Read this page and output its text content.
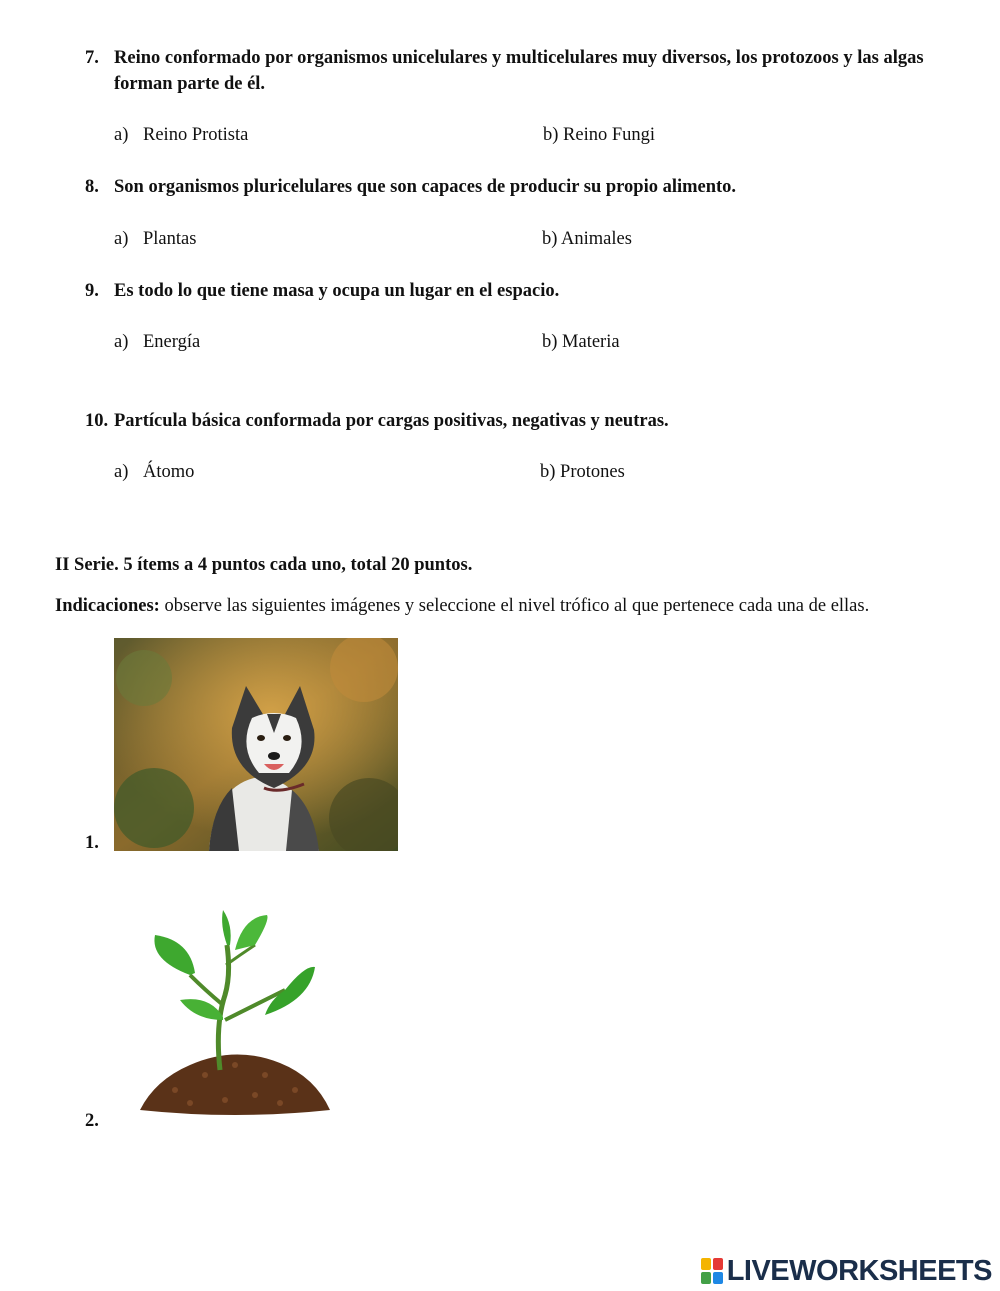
7. Reino conformado por organismos unicelulares y multicelulares muy diversos, los protozoos y las algas forman parte de él.
a) Reino Protista	b) Reino Fungi
8. Son organismos pluricelulares que son capaces de producir su propio alimento.
a) Plantas	b) Animales
9. Es todo lo que tiene masa y ocupa un lugar en el espacio.
a) Energía	b) Materia
10. Partícula básica conformada por cargas positivas, negativas y neutras.
a) Átomo	b) Protones
II Serie. 5 ítems a 4 puntos cada uno, total 20 puntos.
Indicaciones: observe las siguientes imágenes y seleccione el nivel trófico al que pertenece cada una de ellas.
1.
2.
LIVEWORKSHEETS
